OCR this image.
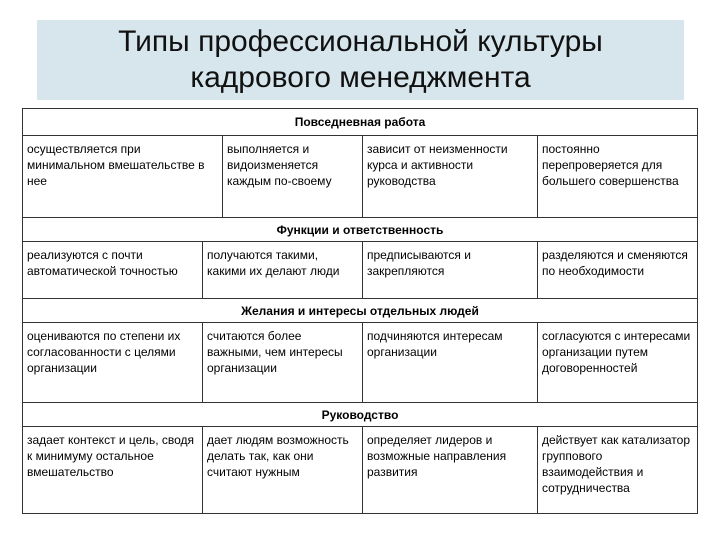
Типы профессиональной культуры
кадрового менеджмента
Повседневная работа
осуществляется при минимальном вмешательстве в нее
выполняется и видоизменяется каждым по-своему
зависит от неизменности курса и активности руководства
постоянно перепроверяется для большего совершенства
Функции и ответственность
реализуются с почти автоматической точностью
получаются такими, какими их делают люди
предписываются и закрепляются
разделяются и сменяются по необходимости
Желания и интересы отдельных людей
оцениваются по степени их согласованности с целями организации
считаются более важными, чем интересы организации
подчиняются интересам организации
согласуются с интересами организации путем договоренностей
Руководство
задает контекст и цель, сводя к минимуму остальное вмешательство
дает людям возможность делать так, как они считают нужным
определяет лидеров и возможные направления развития
действует как катализатор группового взаимодействия и сотрудничества
